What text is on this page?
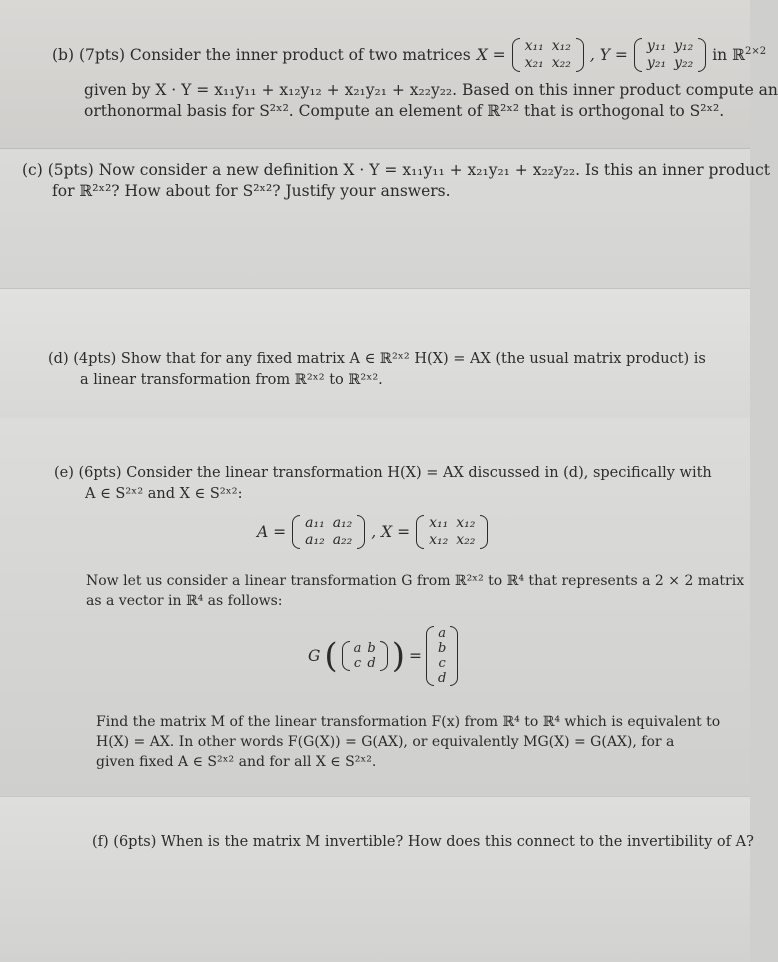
(b) (7pts) Consider the inner product of two matrices X = x₁₁	x₁₂
x₂₁	x₂₂ , Y = y₁₁	y₁₂
y₂₁	y₂₂ in ℝ$^{2\times 2}$
given by X · Y = x₁₁y₁₁ + x₁₂y₁₂ + x₂₁y₂₁ + x₂₂y₂₂. Based on this inner product compute an
orthonormal basis for S²ˣ². Compute an element of ℝ²ˣ² that is orthogonal to S²ˣ².
(c) (5pts) Now consider a new definition X · Y = x₁₁y₁₁ + x₂₁y₂₁ + x₂₂y₂₂. Is this an inner product
for ℝ²ˣ²? How about for S²ˣ²? Justify your answers.
(d) (4pts) Show that for any fixed matrix A ∈ ℝ²ˣ² H(X) = AX (the usual matrix product) is
a linear transformation from ℝ²ˣ² to ℝ²ˣ².
(e) (6pts) Consider the linear transformation H(X) = AX discussed in (d), specifically with
A ∈ S²ˣ² and X ∈ S²ˣ²:
A = a₁₁	a₁₂
a₁₂	a₂₂ , X = x₁₁	x₁₂
x₁₂	x₂₂
Now let us consider a linear transformation G from ℝ²ˣ² to ℝ⁴ that represents a 2 × 2 matrix
as a vector in ℝ⁴ as follows:
G ( a	b
c	d ) =
a
b
c
d
Find the matrix M of the linear transformation F(x) from ℝ⁴ to ℝ⁴ which is equivalent to
H(X) = AX. In other words F(G(X)) = G(AX), or equivalently MG(X) = G(AX), for a
given fixed A ∈ S²ˣ² and for all X ∈ S²ˣ².
(f) (6pts) When is the matrix M invertible? How does this connect to the invertibility of A?
